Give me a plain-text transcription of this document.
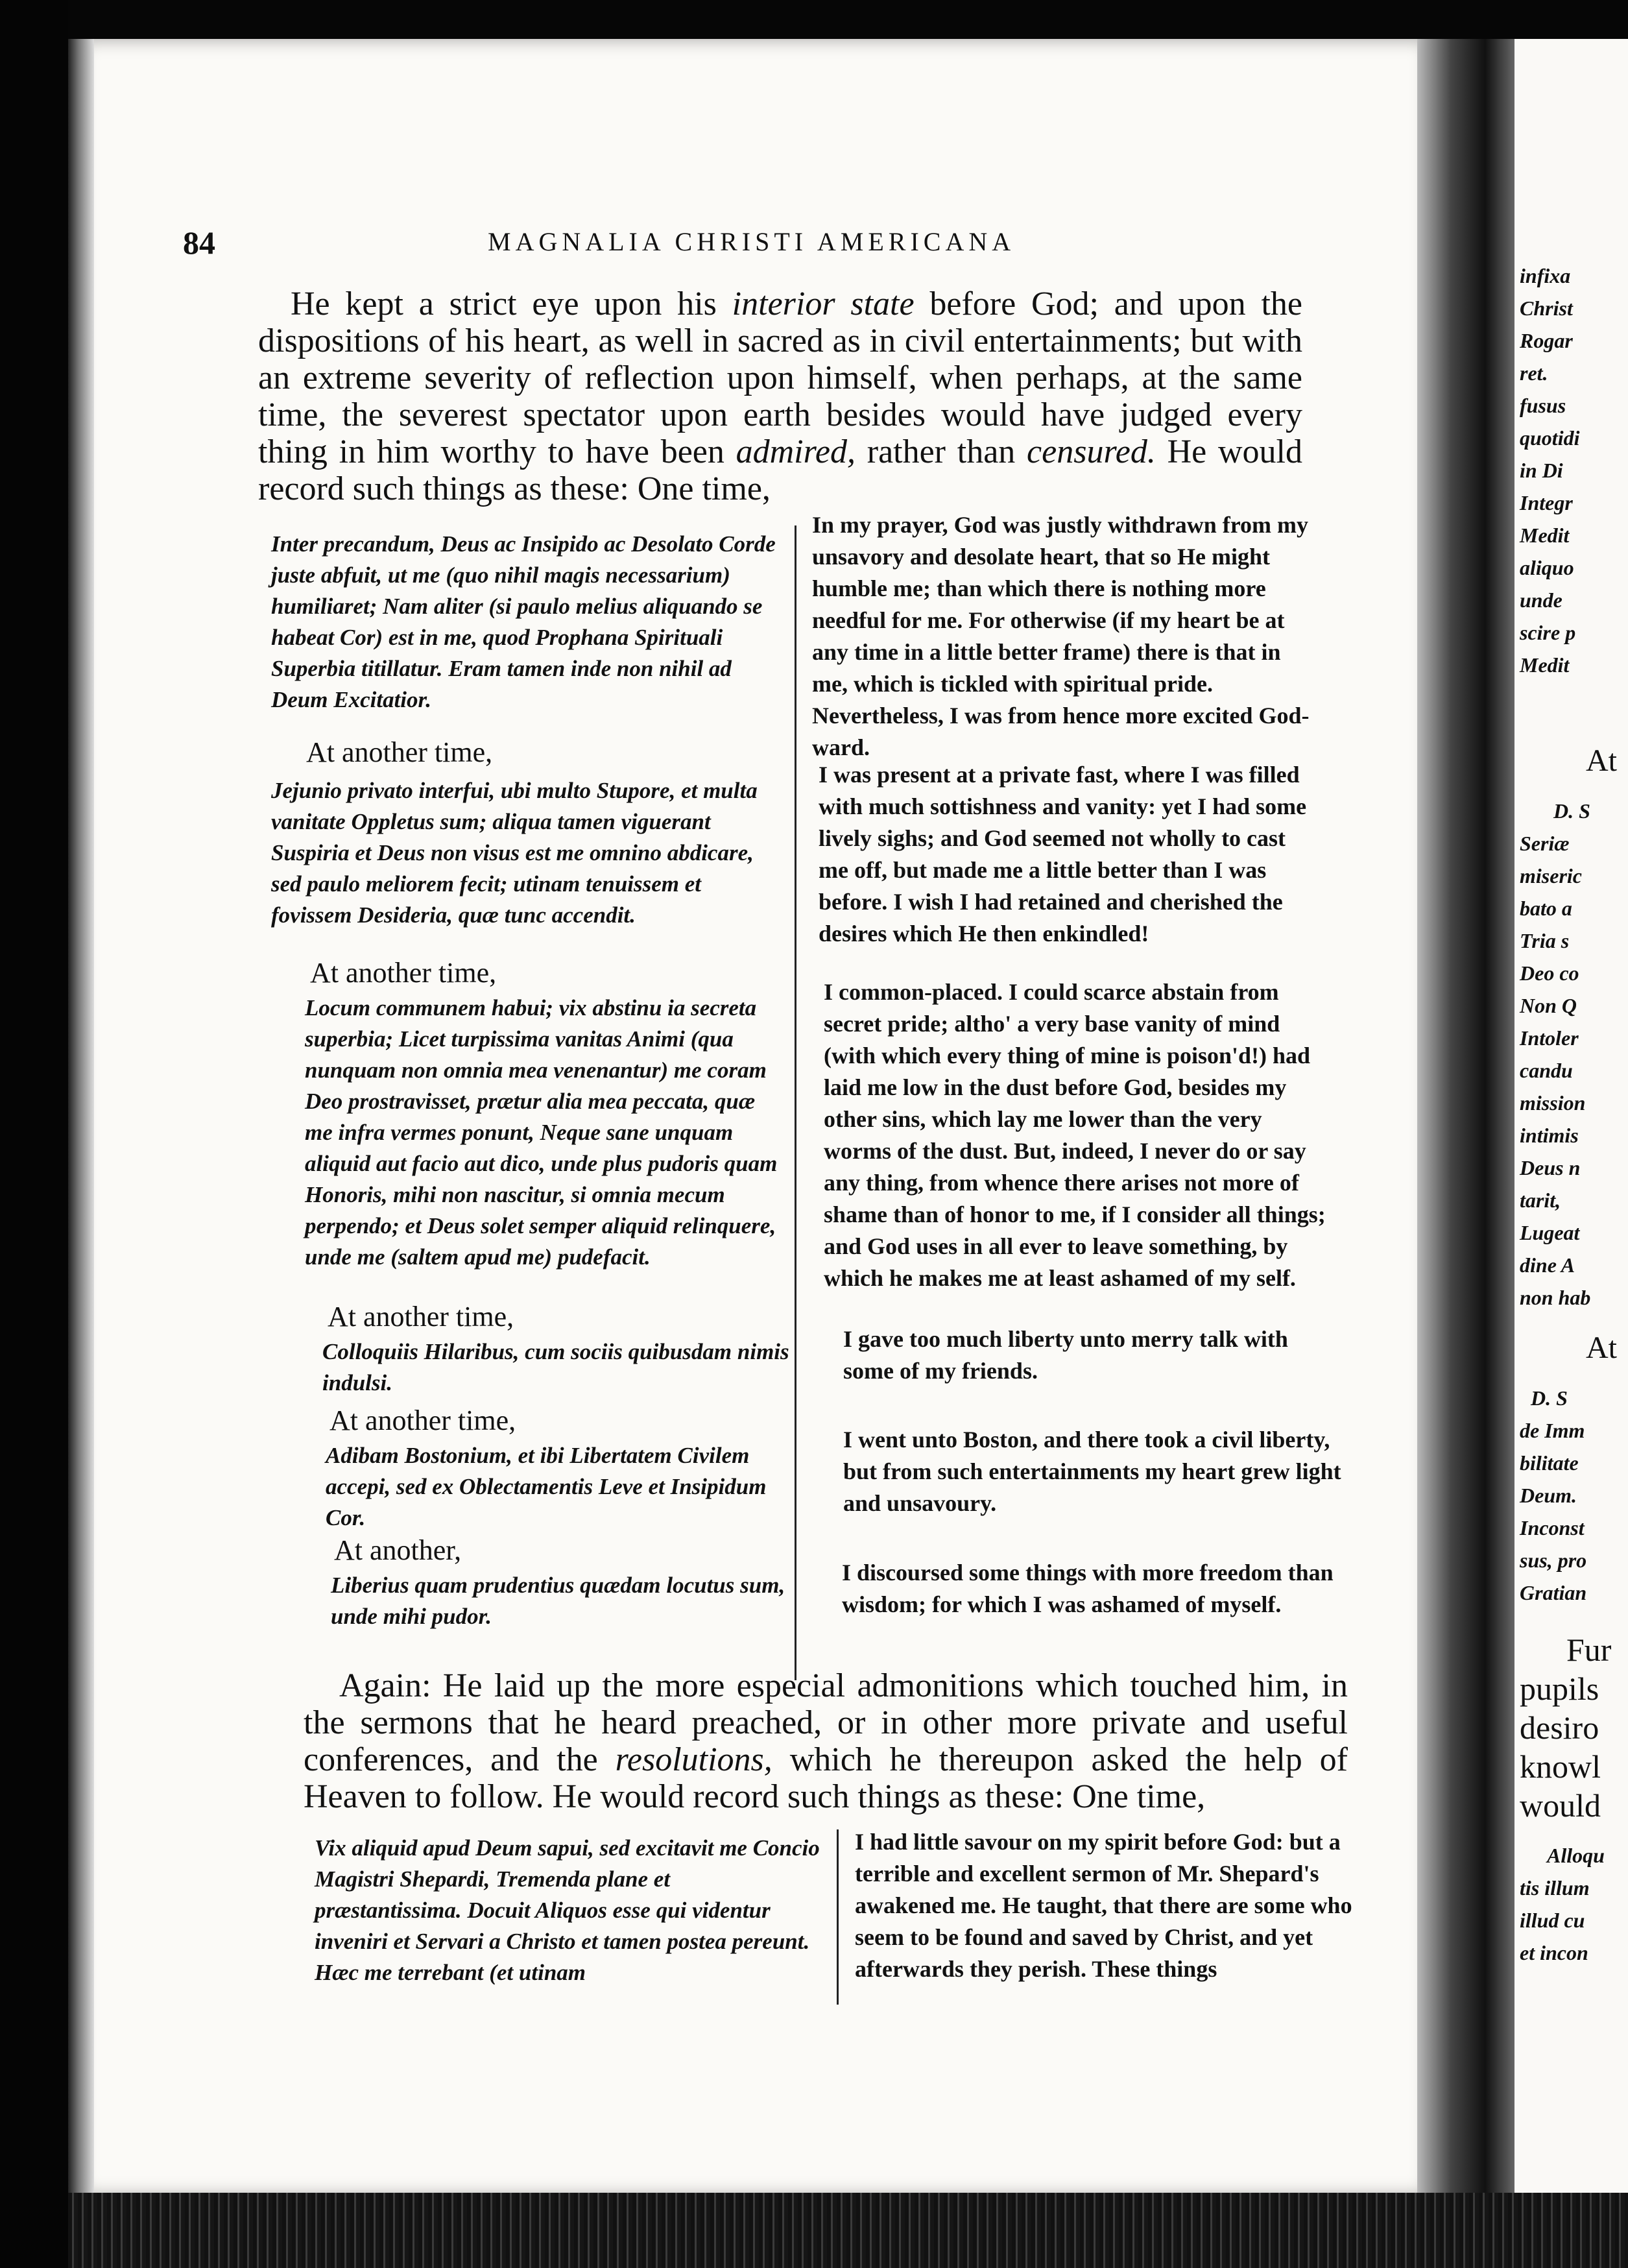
84	MAGNALIA CHRISTI AMERICANA

He kept a strict eye upon his interior state before God; and upon the dispositions of his heart, as well in sacred as in civil entertainments; but with an extreme severity of reflection upon himself, when perhaps, at the same time, the severest spectator upon earth besides would have judged every thing in him worthy to have been admired, rather than censured. He would record such things as these: One time,

Inter precandum, Deus ac Insipido ac Desolato Corde juste abfuit, ut me (quo nihil magis necessarium) humiliaret; Nam aliter (si paulo melius aliquando se habeat Cor) est in me, quod Prophana Spirituali Superbia titillatur. Eram tamen inde non nihil ad Deum Excitatior.

In my prayer, God was justly withdrawn from my unsavory and desolate heart, that so He might humble me; than which there is nothing more needful for me. For otherwise (if my heart be at any time in a little better frame) there is that in me, which is tickled with spiritual pride. Nevertheless, I was from hence more excited God-ward.

At another time,

Jejunio privato interfui, ubi multo Stupore, et multa vanitate Oppletus sum; aliqua tamen viguerant Suspiria et Deus non visus est me omnino abdicare, sed paulo meliorem fecit; utinam tenuissem et fovissem Desideria, quæ tunc accendit.

I was present at a private fast, where I was filled with much sottishness and vanity: yet I had some lively sighs; and God seemed not wholly to cast me off, but made me a little better than I was before. I wish I had retained and cherished the desires which He then enkindled!

At another time,

Locum communem habui; vix abstinu ia secreta superbia; Licet turpissima vanitas Animi (qua nunquam non omnia mea venenantur) me coram Deo prostravisset, prætur alia mea peccata, quæ me infra vermes ponunt, Neque sane unquam aliquid aut facio aut dico, unde plus pudoris quam Honoris, mihi non nascitur, si omnia mecum perpendo; et Deus solet semper aliquid relinquere, unde me (saltem apud me) pudefacit.

I common-placed. I could scarce abstain from secret pride; altho' a very base vanity of mind (with which every thing of mine is poison'd!) had laid me low in the dust before God, besides my other sins, which lay me lower than the very worms of the dust. But, indeed, I never do or say any thing, from whence there arises not more of shame than of honor to me, if I consider all things; and God uses in all ever to leave something, by which he makes me at least ashamed of my self.

At another time,

Colloquiis Hilaribus, cum sociis quibusdam nimis indulsi.

I gave too much liberty unto merry talk with some of my friends.

At another time,

Adibam Bostonium, et ibi Libertatem Civilem accepi, sed ex Oblectamentis Leve et Insipidum Cor.

I went unto Boston, and there took a civil liberty, but from such entertainments my heart grew light and unsavoury.

At another,

Liberius quam prudentius quædam locutus sum, unde mihi pudor.

I discoursed some things with more freedom than wisdom; for which I was ashamed of myself.

Again: He laid up the more especial admonitions which touched him, in the sermons that he heard preached, or in other more private and useful conferences, and the resolutions, which he thereupon asked the help of Heaven to follow. He would record such things as these: One time,

Vix aliquid apud Deum sapui, sed excitavit me Concio Magistri Shepardi, Tremenda plane et præstantissima. Docuit Aliquos esse qui videntur inveniri et Servari a Christo et tamen postea pereunt. Hæc me terrebant (et utinam

I had little savour on my spirit before God: but a terrible and excellent sermon of Mr. Shepard's awakened me. He taught, that there are some who seem to be found and saved by Christ, and yet afterwards they perish. These things

infixa

Christ

Rogar

ret.

fusus

quotidi

in Di

Integr

Medit

aliquo

unde

scire p

Medit

At

D. S

Seriæ

miseric

bato a

Tria s

Deo co

Non Q

Intoler

candu

mission

intimis

Deus n

tarit,

Lugeat

dine A

non hab

At

D. S

de Imm

bilitate

Deum.

Inconst

sus, pro

Gratian

Fur

pupils

desiro

knowl

would

Alloqu

tis illum

illud cu

et incon
